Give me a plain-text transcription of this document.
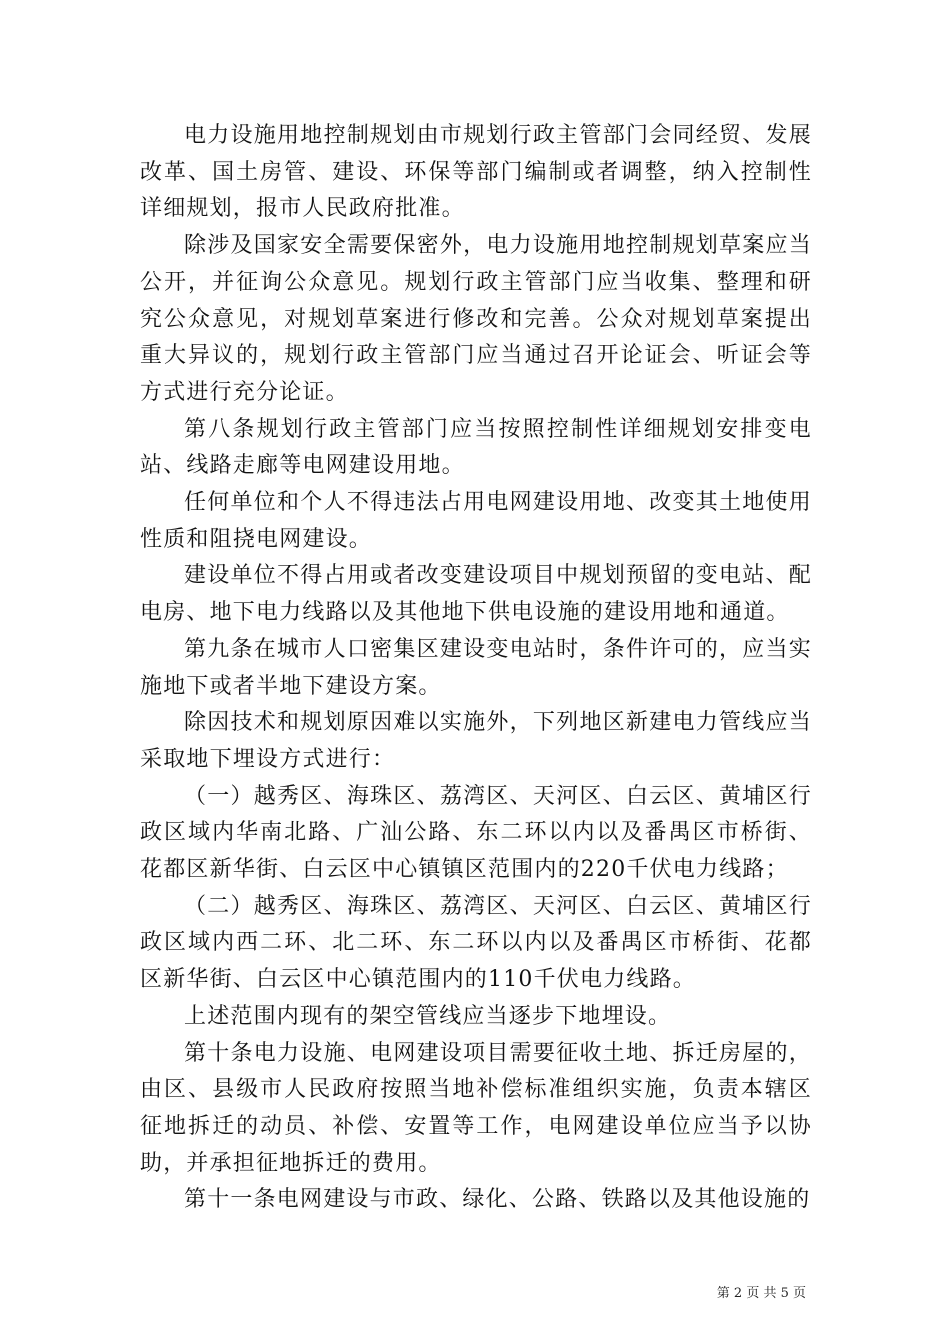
电力设施用地控制规划由市规划行政主管部门会同经贸、发展改革、国土房管、建设、环保等部门编制或者调整，纳入控制性详细规划，报市人民政府批准。

除涉及国家安全需要保密外，电力设施用地控制规划草案应当公开，并征询公众意见。规划行政主管部门应当收集、整理和研究公众意见，对规划草案进行修改和完善。公众对规划草案提出重大异议的，规划行政主管部门应当通过召开论证会、听证会等方式进行充分论证。

第八条规划行政主管部门应当按照控制性详细规划安排变电站、线路走廊等电网建设用地。

任何单位和个人不得违法占用电网建设用地、改变其土地使用性质和阻挠电网建设。

建设单位不得占用或者改变建设项目中规划预留的变电站、配电房、地下电力线路以及其他地下供电设施的建设用地和通道。

第九条在城市人口密集区建设变电站时，条件许可的，应当实施地下或者半地下建设方案。

除因技术和规划原因难以实施外，下列地区新建电力管线应当采取地下埋设方式进行：

（一）越秀区、海珠区、荔湾区、天河区、白云区、黄埔区行政区域内华南北路、广汕公路、东二环以内以及番禺区市桥街、花都区新华街、白云区中心镇镇区范围内的220千伏电力线路；

（二）越秀区、海珠区、荔湾区、天河区、白云区、黄埔区行政区域内西二环、北二环、东二环以内以及番禺区市桥街、花都区新华街、白云区中心镇范围内的110千伏电力线路。

上述范围内现有的架空管线应当逐步下地埋设。

第十条电力设施、电网建设项目需要征收土地、拆迁房屋的，由区、县级市人民政府按照当地补偿标准组织实施，负责本辖区征地拆迁的动员、补偿、安置等工作，电网建设单位应当予以协助，并承担征地拆迁的费用。

第十一条电网建设与市政、绿化、公路、铁路以及其他设施的

第 2 页 共 5 页
